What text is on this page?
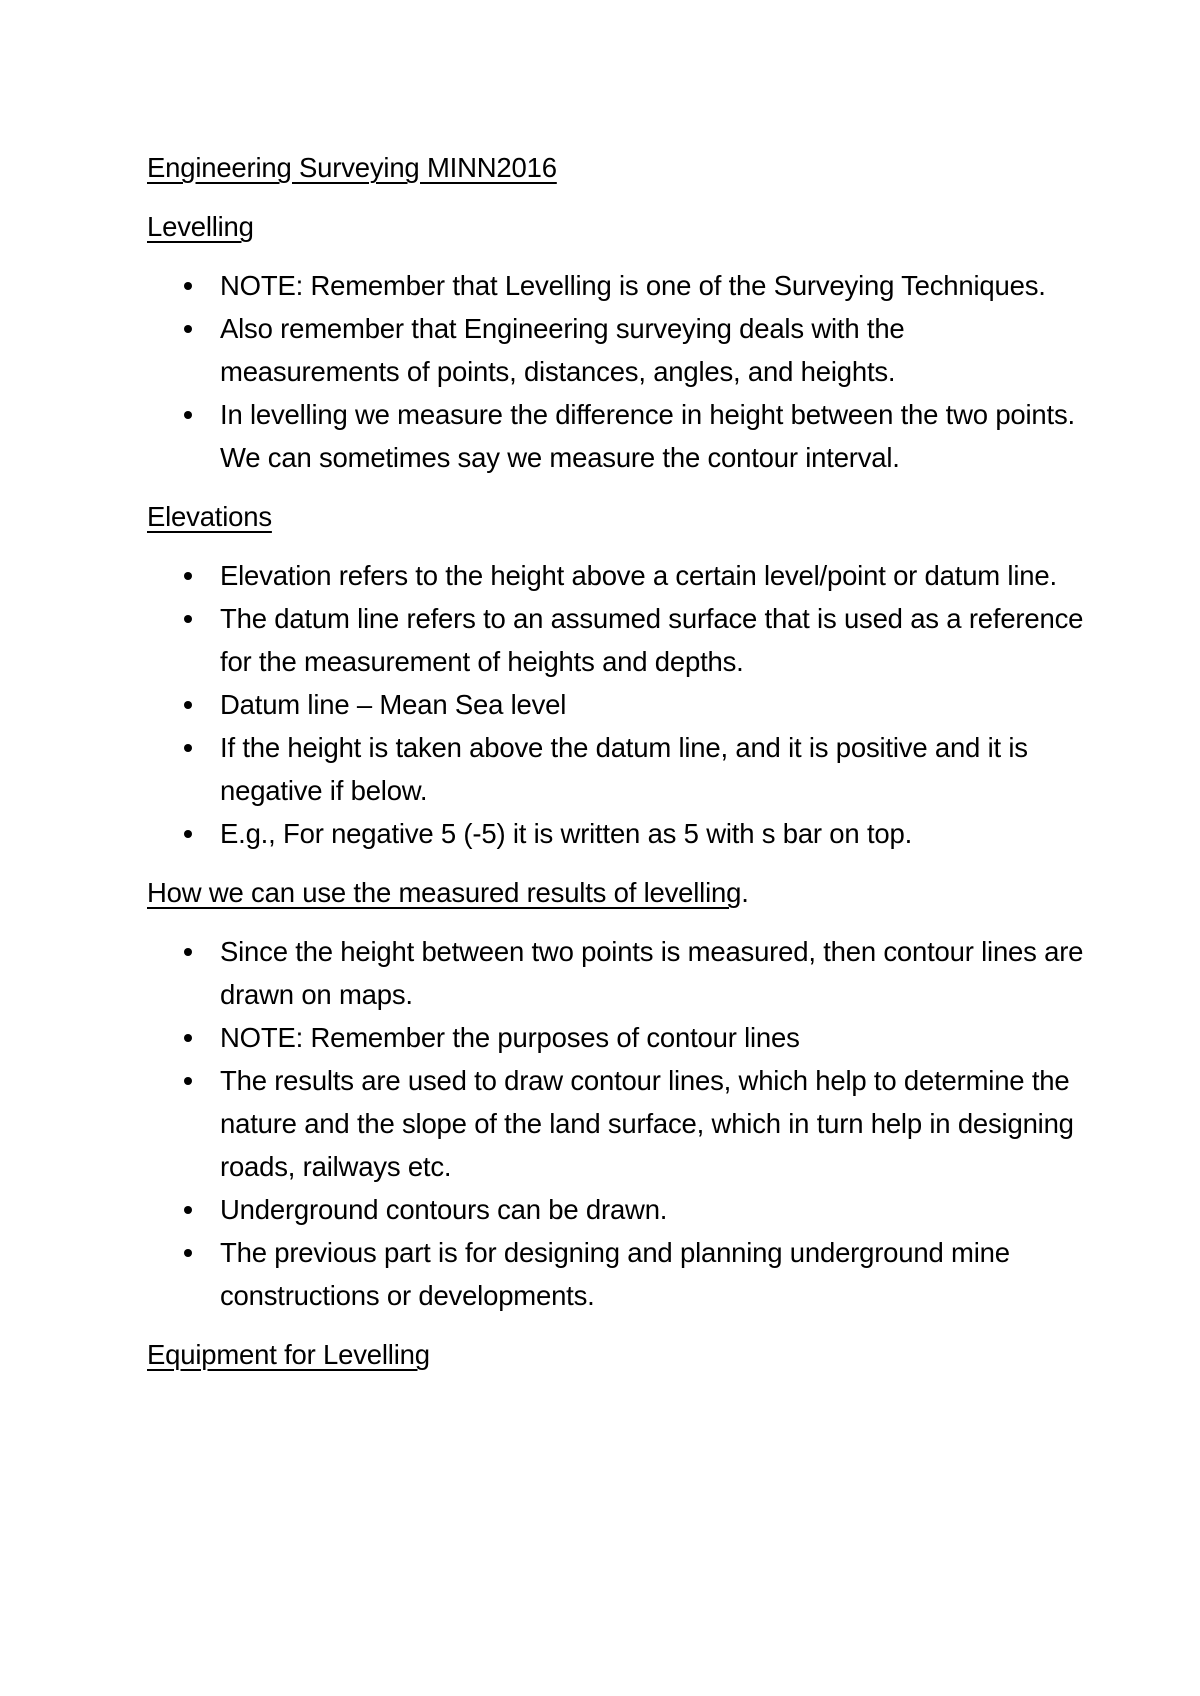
Engineering Surveying MINN2016

Levelling

NOTE: Remember that Levelling is one of the Surveying Techniques.
Also remember that Engineering surveying deals with the measurements of points, distances, angles, and heights.
In levelling we measure the difference in height between the two points. We can sometimes say we measure the contour interval.

Elevations

Elevation refers to the height above a certain level/point or datum line.
The datum line refers to an assumed surface that is used as a reference for the measurement of heights and depths.
Datum line – Mean Sea level
If the height is taken above the datum line, and it is positive and it is negative if below.
E.g., For negative 5 (-5) it is written as 5 with s bar on top.

How we can use the measured results of levelling.

Since the height between two points is measured, then contour lines are drawn on maps.
NOTE: Remember the purposes of contour lines
The results are used to draw contour lines, which help to determine the nature and the slope of the land surface, which in turn help in designing roads, railways etc.
Underground contours can be drawn.
The previous part is for designing and planning underground mine constructions or developments.

Equipment for Levelling
